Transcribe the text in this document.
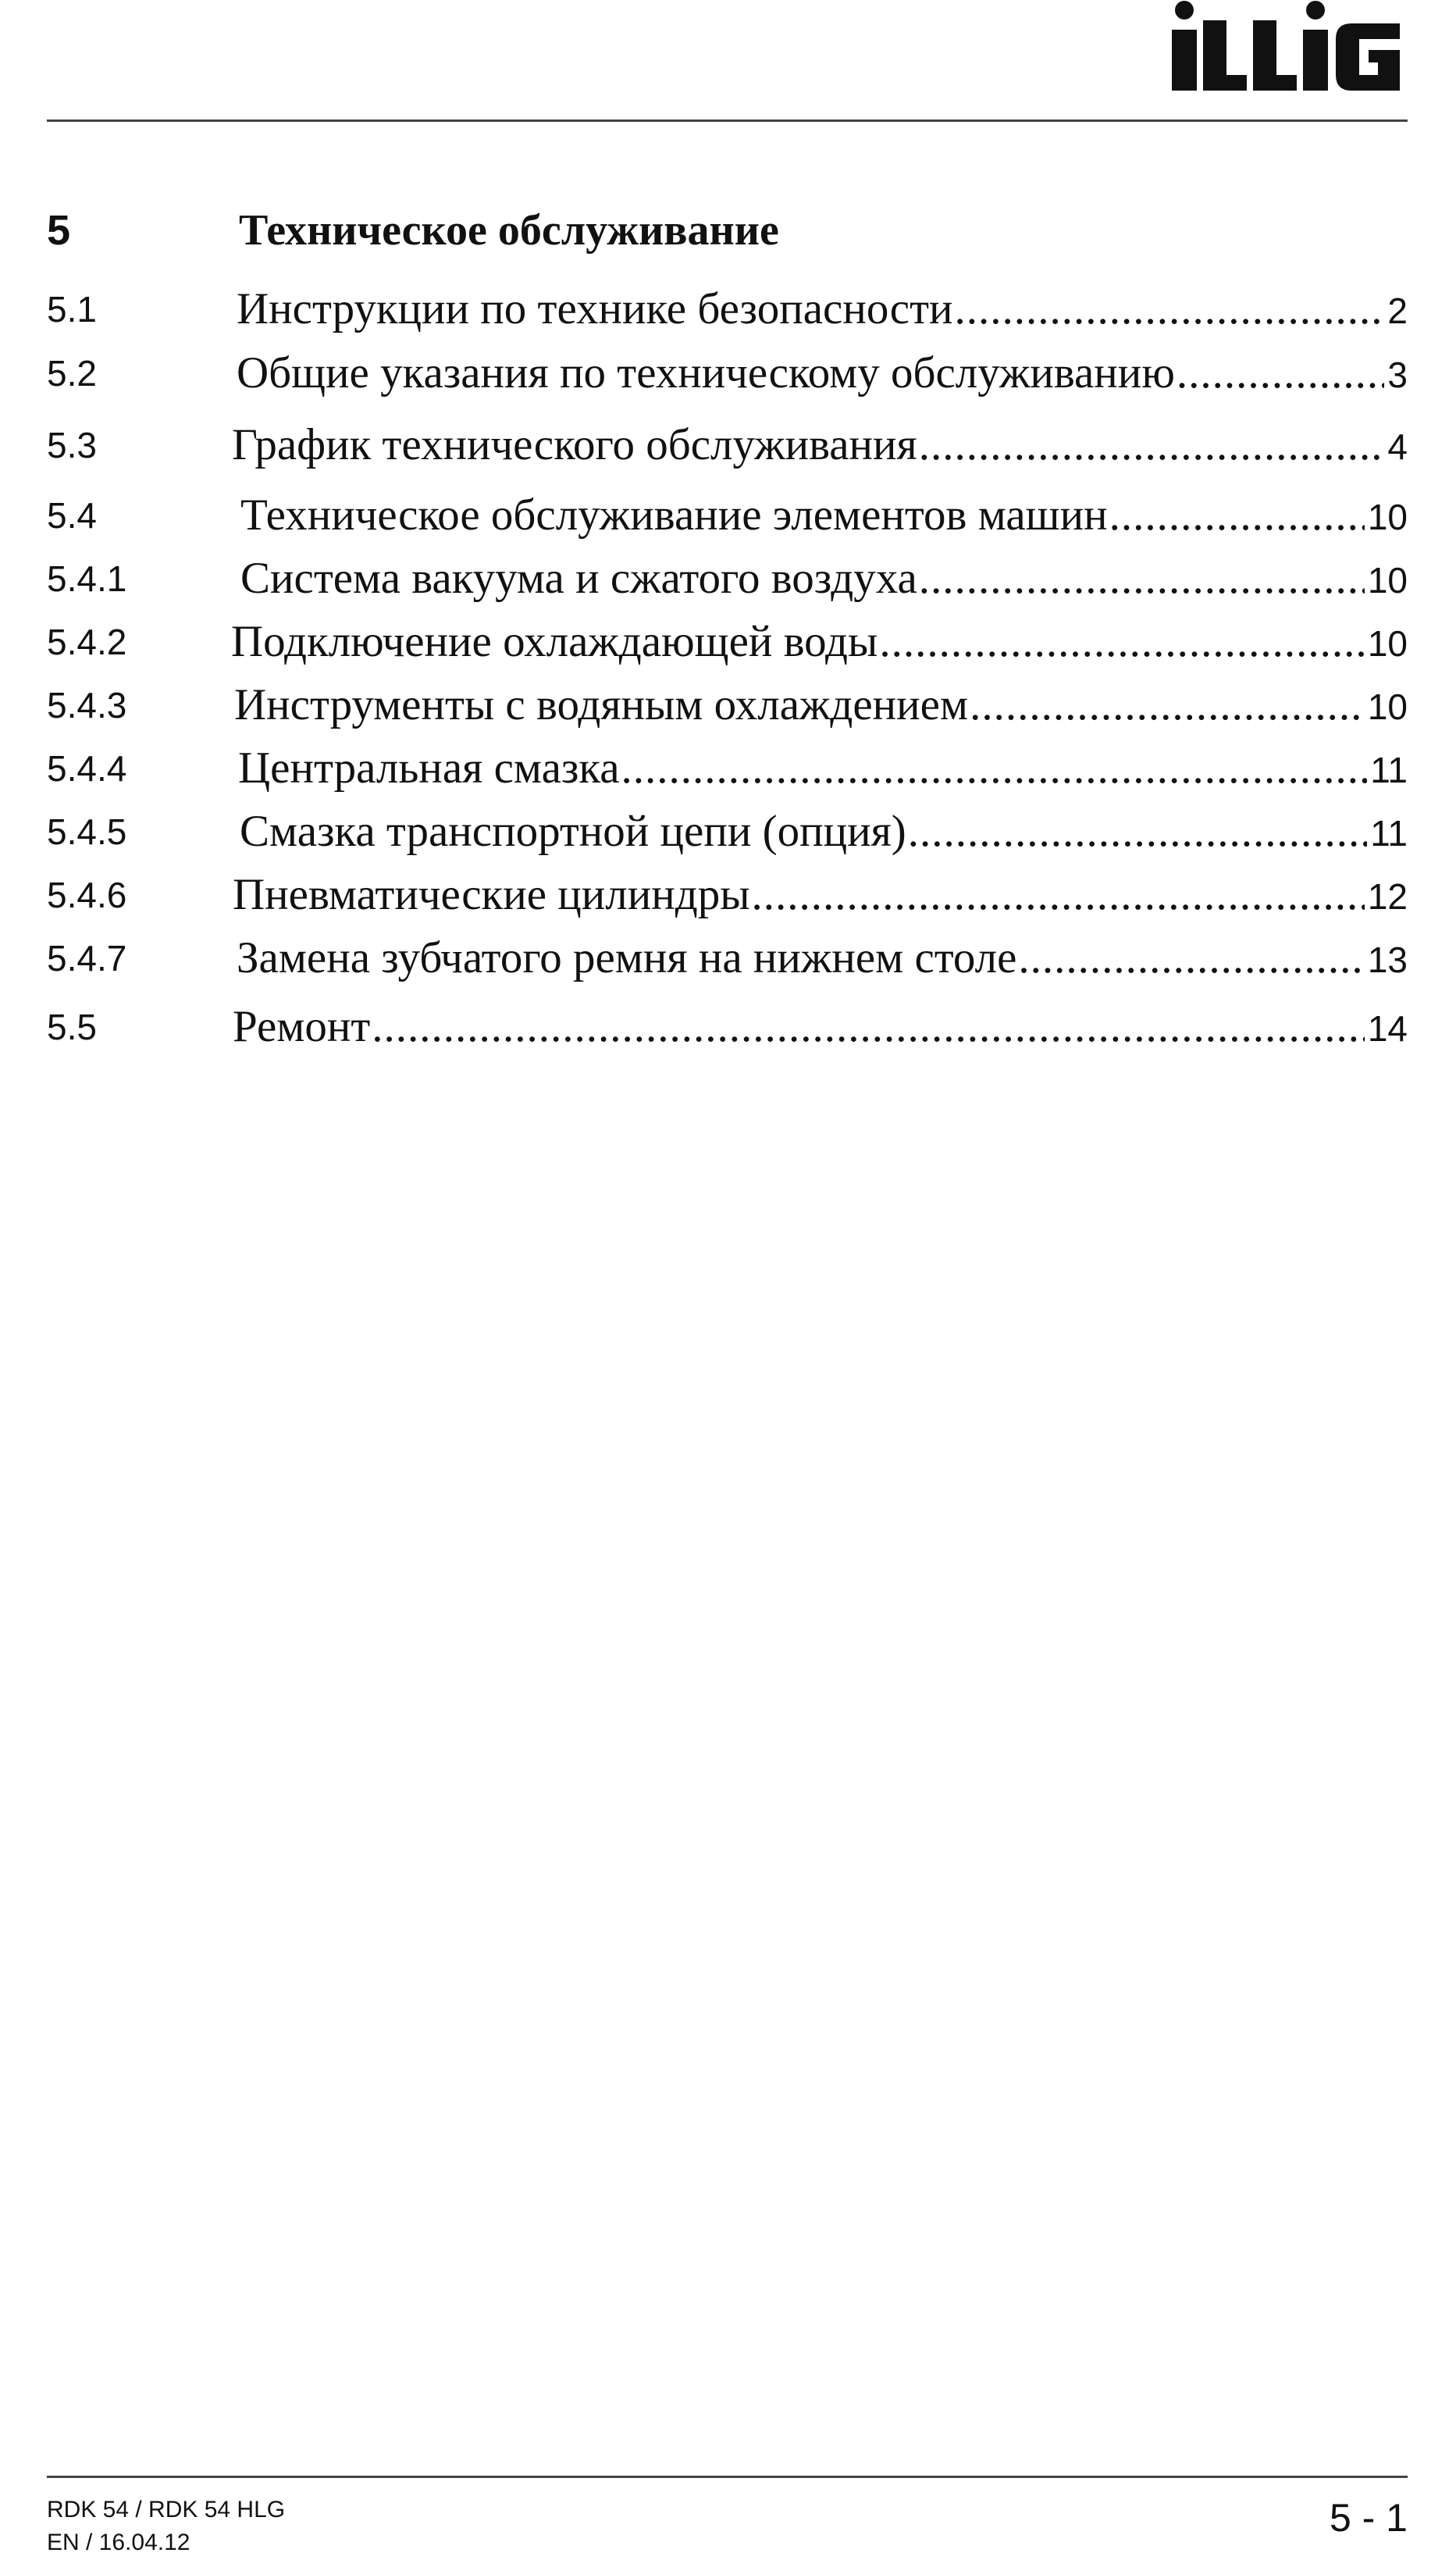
5	Техническое обслуживание
5.1	Инструкции по технике безопасности .....	2
5.2	Общие указания по техническому обслуживанию .....	3
5.3	График технического обслуживания .....	4
5.4	Техническое обслуживание элементов машин .....	10
5.4.1	Система вакуума и сжатого воздуха .....	10
5.4.2 Подключение охлаждающей воды .....	10
5.4.3 Инструменты с водяным охлаждением .....	10
5.4.4	Центральная смазка .....	11
5.4.5	Смазка транспортной цепи (опция) .....	11
5.4.6 Пневматические цилиндры .....	12
5.4.7 Замена зубчатого ремня на нижнем столе .....	13
5.5	Ремонт .....	14
RDK 54 / RDK 54 HLG
EN / 16.04.12
5 - 1
